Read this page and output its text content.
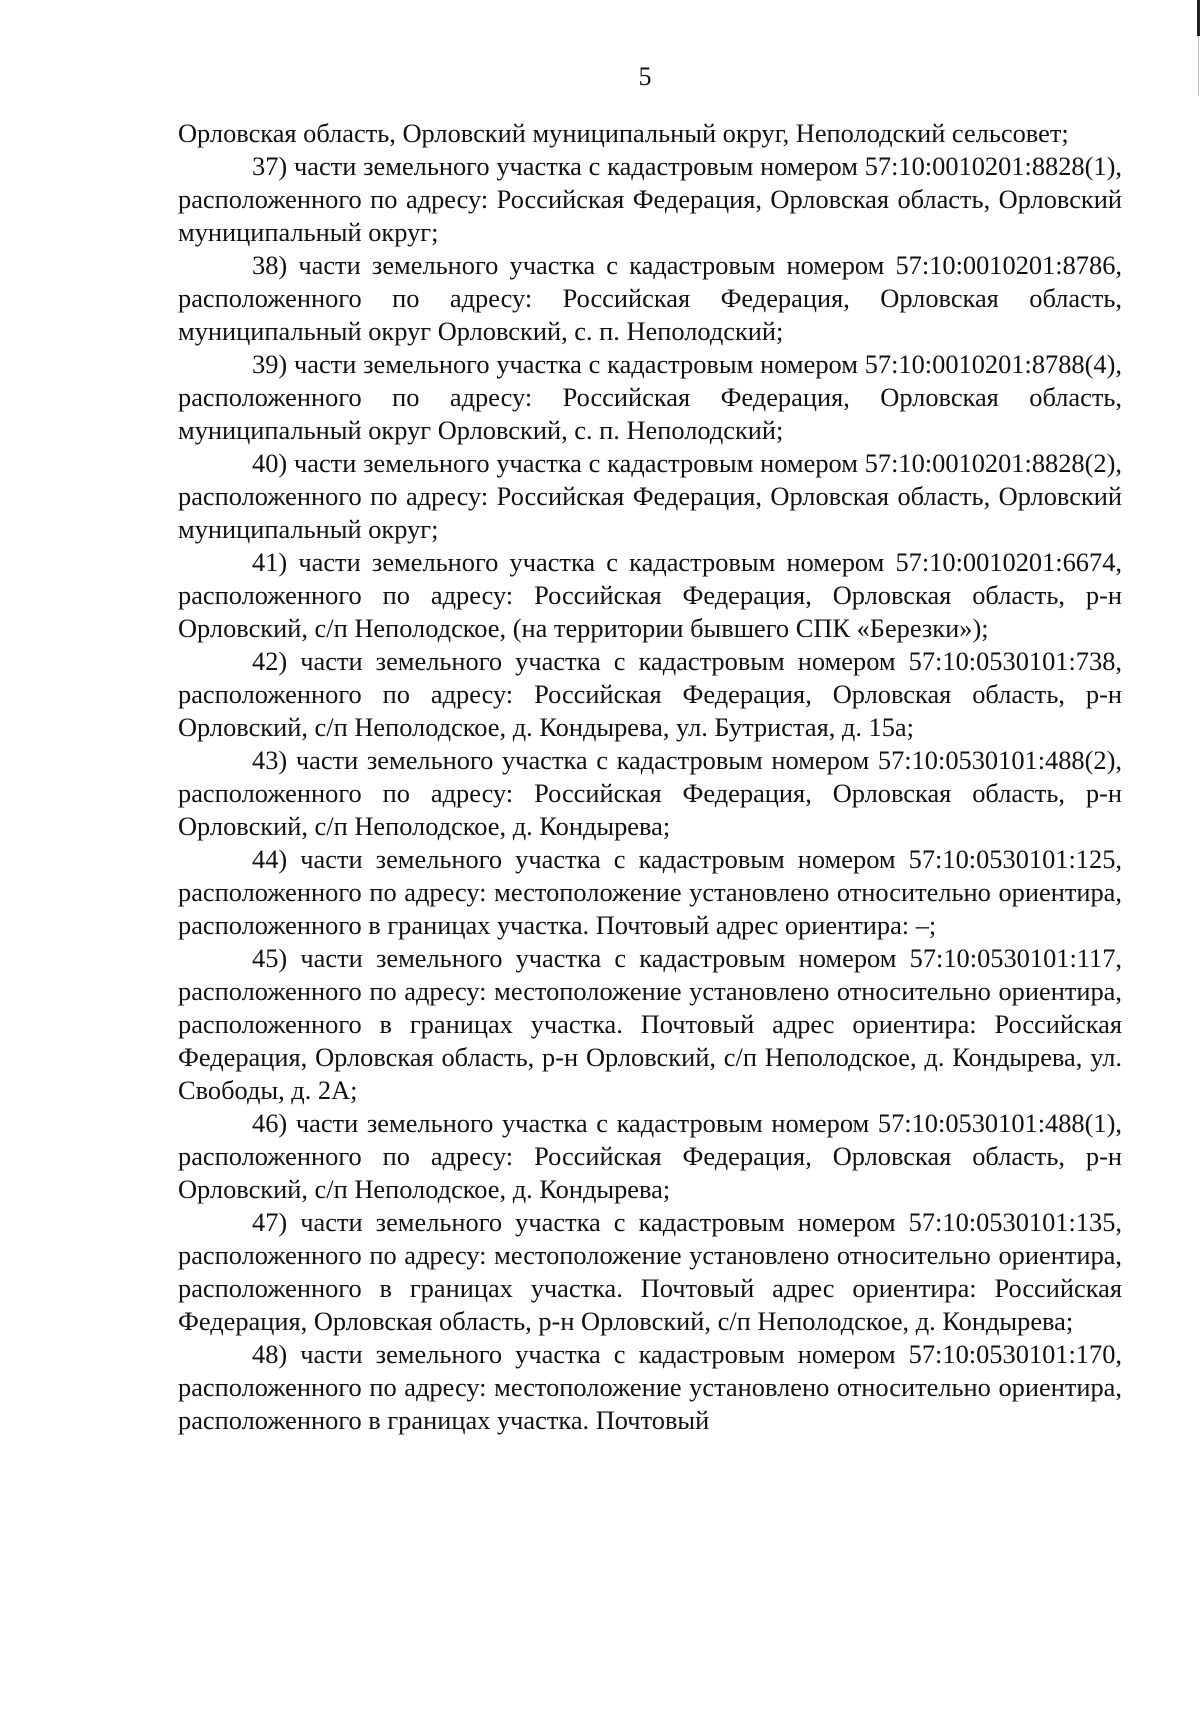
5

Орловская область, Орловский муниципальный округ, Неполодский сельсовет;

37) части земельного участка с кадастровым номером 57:10:0010201:8828(1), расположенного по адресу: Российская Федерация, Орловская область, Орловский муниципальный округ;

38) части земельного участка с кадастровым номером 57:10:0010201:8786, расположенного по адресу: Российская Федерация, Орловская область, муниципальный округ Орловский, с. п. Неполодский;

39) части земельного участка с кадастровым номером 57:10:0010201:8788(4), расположенного по адресу: Российская Федерация, Орловская область, муниципальный округ Орловский, с. п. Неполодский;

40) части земельного участка с кадастровым номером 57:10:0010201:8828(2), расположенного по адресу: Российская Федерация, Орловская область, Орловский муниципальный округ;

41) части земельного участка с кадастровым номером 57:10:0010201:6674, расположенного по адресу: Российская Федерация, Орловская область, р-н Орловский, с/п Неполодское, (на территории бывшего СПК «Березки»);

42) части земельного участка с кадастровым номером 57:10:0530101:738, расположенного по адресу: Российская Федерация, Орловская область, р-н Орловский, с/п Неполодское, д. Кондырева, ул. Бутристая, д. 15а;

43) части земельного участка с кадастровым номером 57:10:0530101:488(2), расположенного по адресу: Российская Федерация, Орловская область, р-н Орловский, с/п Неполодское, д. Кондырева;

44) части земельного участка с кадастровым номером 57:10:0530101:125, расположенного по адресу: местоположение установлено относительно ориентира, расположенного в границах участка. Почтовый адрес ориентира: –;

45) части земельного участка с кадастровым номером 57:10:0530101:117, расположенного по адресу: местоположение установлено относительно ориентира, расположенного в границах участка. Почтовый адрес ориентира: Российская Федерация, Орловская область, р-н Орловский, с/п Неполодское, д. Кондырева, ул. Свободы, д. 2А;

46) части земельного участка с кадастровым номером 57:10:0530101:488(1), расположенного по адресу: Российская Федерация, Орловская область, р-н Орловский, с/п Неполодское, д. Кондырева;

47) части земельного участка с кадастровым номером 57:10:0530101:135, расположенного по адресу: местоположение установлено относительно ориентира, расположенного в границах участка. Почтовый адрес ориентира: Российская Федерация, Орловская область, р-н Орловский, с/п Неполодское, д. Кондырева;

48) части земельного участка с кадастровым номером 57:10:0530101:170, расположенного по адресу: местоположение установлено относительно ориентира, расположенного в границах участка. Почтовый
